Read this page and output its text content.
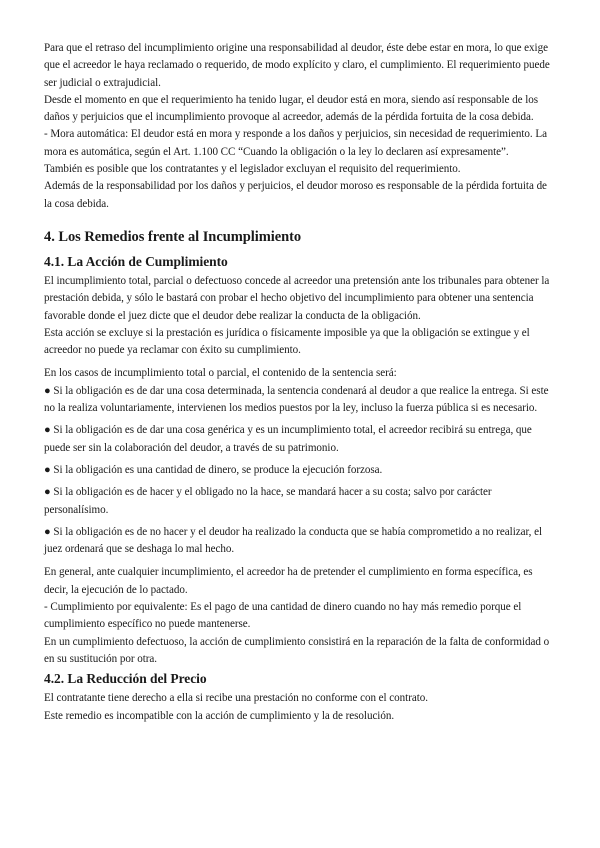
Para que el retraso del incumplimiento origine una responsabilidad al deudor, éste debe estar en mora, lo que exige que el acreedor le haya reclamado o requerido, de modo explícito y claro, el cumplimiento. El requerimiento puede ser judicial o extrajudicial.

Desde el momento en que el requerimiento ha tenido lugar, el deudor está en mora, siendo así responsable de los daños y perjuicios que el incumplimiento provoque al acreedor, además de la pérdida fortuita de la cosa debida.

- Mora automática: El deudor está en mora y responde a los daños y perjuicios, sin necesidad de requerimiento. La mora es automática, según el Art. 1.100 CC “Cuando la obligación o la ley lo declaren así expresamente”.

También es posible que los contratantes y el legislador excluyan el requisito del requerimiento.

Además de la responsabilidad por los daños y perjuicios, el deudor moroso es responsable de la pérdida fortuita de la cosa debida.

4. Los Remedios frente al Incumplimiento
4.1. La Acción de Cumplimiento

El incumplimiento total, parcial o defectuoso concede al acreedor una pretensión ante los tribunales para obtener la prestación debida, y sólo le bastará con probar el hecho objetivo del incumplimiento para obtener una sentencia favorable donde el juez dicte que el deudor debe realizar la conducta de la obligación.

Esta acción se excluye si la prestación es jurídica o físicamente imposible ya que la obligación se extingue y el acreedor no puede ya reclamar con éxito su cumplimiento.

En los casos de incumplimiento total o parcial, el contenido de la sentencia será:

● Si la obligación es de dar una cosa determinada, la sentencia condenará al deudor a que realice la entrega. Si este no la realiza voluntariamente, intervienen los medios puestos por la ley, incluso la fuerza pública si es necesario.

● Si la obligación es de dar una cosa genérica y es un incumplimiento total, el acreedor recibirá su entrega, que puede ser sin la colaboración del deudor, a través de su patrimonio.

● Si la obligación es una cantidad de dinero, se produce la ejecución forzosa.

● Si la obligación es de hacer y el obligado no la hace, se mandará hacer a su costa; salvo por carácter personalísimo.

● Si la obligación es de no hacer y el deudor ha realizado la conducta que se había comprometido a no realizar, el juez ordenará que se deshaga lo mal hecho.

En general, ante cualquier incumplimiento, el acreedor ha de pretender el cumplimiento en forma específica, es decir, la ejecución de lo pactado.

- Cumplimiento por equivalente: Es el pago de una cantidad de dinero cuando no hay más remedio porque el cumplimiento específico no puede mantenerse.

En un cumplimiento defectuoso, la acción de cumplimiento consistirá en la reparación de la falta de conformidad o en su sustitución por otra.

4.2. La Reducción del Precio

El contratante tiene derecho a ella si recibe una prestación no conforme con el contrato.

Este remedio es incompatible con la acción de cumplimiento y la de resolución.
